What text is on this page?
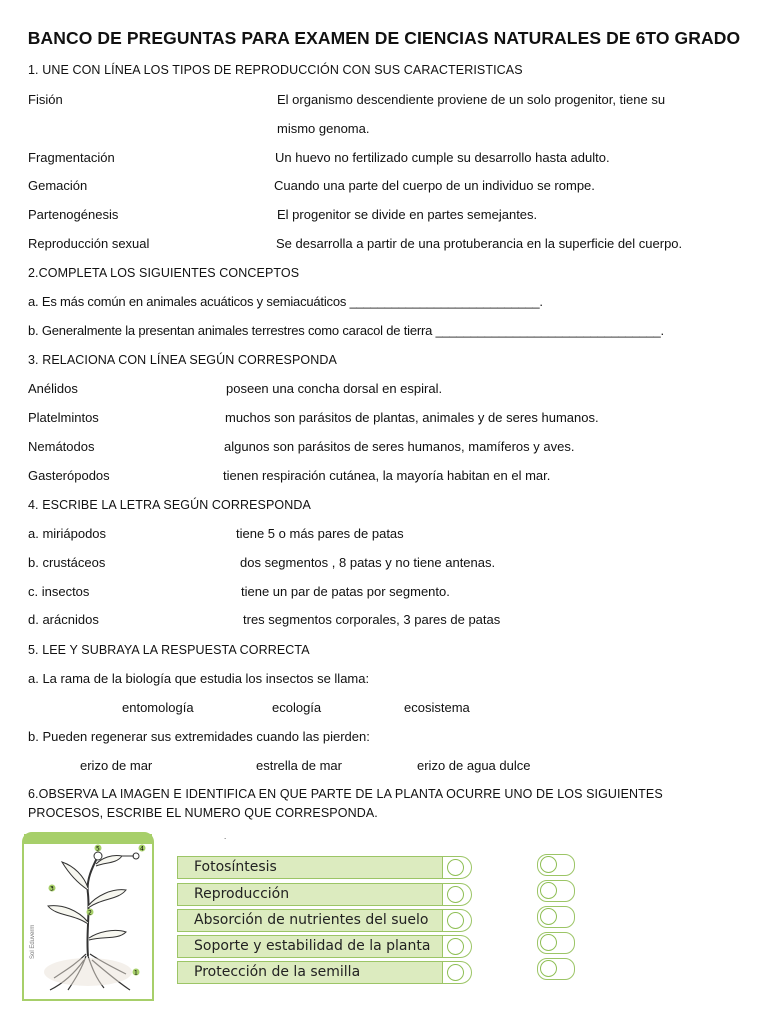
BANCO DE PREGUNTAS PARA EXAMEN DE CIENCIAS NATURALES DE 6TO GRADO
1. UNE CON LÍNEA LOS TIPOS DE REPRODUCCIÓN CON SUS CARACTERISTICAS
Fisión	El organismo descendiente proviene de un solo progenitor, tiene su
mismo genoma.
Fragmentación	Un huevo no fertilizado cumple su desarrollo hasta adulto.
Gemación	Cuando una parte del cuerpo de un individuo se rompe.
Partenogénesis	El progenitor se divide en partes semejantes.
Reproducción sexual	Se desarrolla a partir de una protuberancia en la superficie del cuerpo.
2.COMPLETA LOS SIGUIENTES CONCEPTOS
a. Es más común en animales acuáticos y semiacuáticos ___________________________.
b. Generalmente la presentan animales terrestres como caracol de tierra ________________________________.
3. RELACIONA CON LÍNEA SEGÚN CORRESPONDA
Anélidos	poseen una concha dorsal en espiral.
Platelmintos	muchos son parásitos de plantas, animales y de seres humanos.
Nemátodos	algunos son parásitos de seres humanos, mamíferos y aves.
Gasterópodos	tienen respiración cutánea, la mayoría habitan en el mar.
4. ESCRIBE LA LETRA SEGÚN CORRESPONDA
a. miriápodos	tiene 5 o más pares de patas
b. crustáceos	dos segmentos , 8 patas y no tiene antenas.
c. insectos	tiene un par de patas por segmento.
d. arácnidos	tres segmentos corporales, 3 pares de patas
5. LEE Y SUBRAYA LA RESPUESTA CORRECTA
a. La rama de la biología que estudia los insectos se llama:
entomología	ecología	ecosistema
b. Pueden regenerar sus extremidades cuando las pierden:
erizo de mar	estrella de mar	erizo de agua dulce
6.OBSERVA LA IMAGEN E IDENTIFICA EN QUE PARTE DE LA PLANTA OCURRE UNO DE LOS SIGUIENTES
PROCESOS, ESCRIBE EL NUMERO QUE CORRESPONDA.
.
5	4
3
2
1
Sol Eduverm
Fotosíntesis
Reproducción
Absorción de nutrientes del suelo
Soporte y estabilidad de la planta
Protección de la semilla
